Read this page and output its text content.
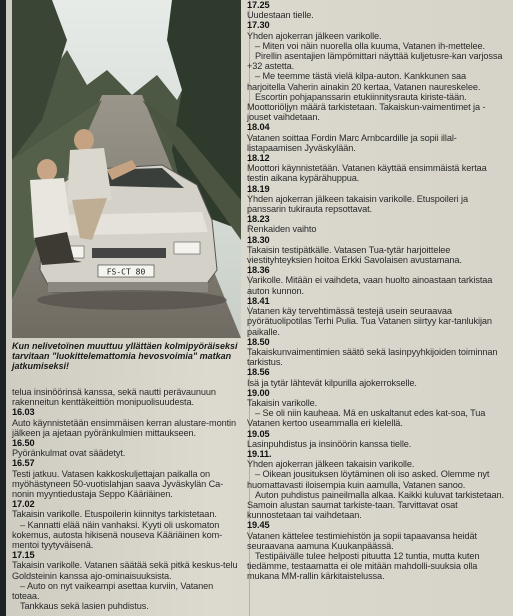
FS-CT 80
Kun nelivetoïnen muuttuu yllättäen kolmipyöräiseksi tarvitaan "luokittelemattomia hevosvoimia" matkan jatkumiseksi!

telua insinöörinsä kanssa, sekä nautti perävaunuun rakenneitun kenttäkeittiön monipuolisuudesta.

16.03

Auto käynnistetään ensimmäisen kerran alustare-montin jälkeen ja ajetaan pyöränkulmien mittaukseen.

16.50

Pyöränkulmat ovat säädetyt.

16.57

Testi jatkuu. Vatasen kakkoskuljettajan paikalla on myöhästyneen 50-vuotislahjan saava Jyväskylän Ca-nonin myyntiedustaja Seppo Kääriäinen.

17.02

Takaisin varikolle. Etuspoilerin kiinnitys tarkistetaan.

– Kannatti elää näin vanhaksi. Kyyti oli uskomaton kokemus, autosta hikisenä nouseva Kääriäinen kom-mentoi tyytyväisenä.

17.15

Takaisin varikolle. Vatanen säätää sekä pitkä keskus-telu Goldsteinin kanssa ajo-ominaisuuksista.

– Auto on nyt vaikeampi asettaa kurviin, Vatanen toteaa.

Tankkaus sekä lasien puhdistus.

17.25

Uudestaan tielle.

17.30

Yhden ajokerran jälkeen varikolle.

– Miten voi näin nuorella olla kuuma, Vatanen ih-mettelee.

Pirellin asentajien lämpömittari näyttää kuljetusre-kan varjossa +32 astetta.

– Me teemme tästä vielä kilpa-auton. Kankkunen saa harjoitella Vaherin ainakin 20 kertaa, Vatanen naureskelee.

Escortin pohjapanssarin etukiinnitysrauta kiriste-tään. Moottoriöljyn määrä tarkistetaan. Takaiskun-vaimentimet ja -jouset vaihdetaan.

18.04

Vatanen soittaa Fordin Marc Arnbcardille ja sopii illal-listapaamisen Jyväskylään.

18.12

Moottori käynnistetään. Vatanen käyttää ensimmäistä kertaa testin aikana kypärähuppua.

18.19

Yhden ajokerran jälkeen takaisin varikolle. Etuspoileri ja panssarin tukirauta repsottavat.

18.23

Renkaiden vaihto

18.30

Takaisin testipätkälle. Vatasen Tua-tytär harjoittelee viestityhteyksien hoitoa Erkki Savolaisen avustamana.

18.36

Varikolle. Mitään ei vaihdeta, vaan huolto ainoastaan tarkistaa auton kunnon.

18.41

Vatanen käy tervehtimässä testejä usein seuraavaa pyörätuolipotilas Terhi Pulia. Tua Vatanen siirtyy kar-tanlukijan paikalle.

18.50

Takaiskunvaimentimien säätö sekä lasinpyyhkijoiden toiminnan tarkistus.

18.56

Isä ja tytär lähtevät kilpurilla ajokerrokselle.

19.00

Takaisin varikolle.

– Se oli niin kauheaa. Mä en uskaltanut edes kat-soa, Tua Vatanen kertoo useammalla eri kielellä.

19.05

Lasinpuhdistus ja insinöörin kanssa tielle.

19.11.

Yhden ajokerran jälkeen takaisin varikolle.

– Oikean jousituksen löytäminen oli iso asked. Olemme nyt huomattavasti iloisempia kuin aamulla, Vatanen sanoo.

Auton puhdistus paineilmalla alkaa. Kaikki kuluvat tarkistetaan. Samoin alustan saumat tarkiste-taan. Tarvittavat osat kunnostetaan tai vaihdetaan.

19.45

Vatanen kättelee testimiehistön ja sopii tapaavansa heidät seuraavana aamuna Kuukanpäässä.

Testipäivälle tulee helposti pituutta 12 tuntia, mutta kuten tiedämme, testaamatta ei ole mitään mahdolli-suuksia olla mukana MM-rallin kärkitaistelussa.
